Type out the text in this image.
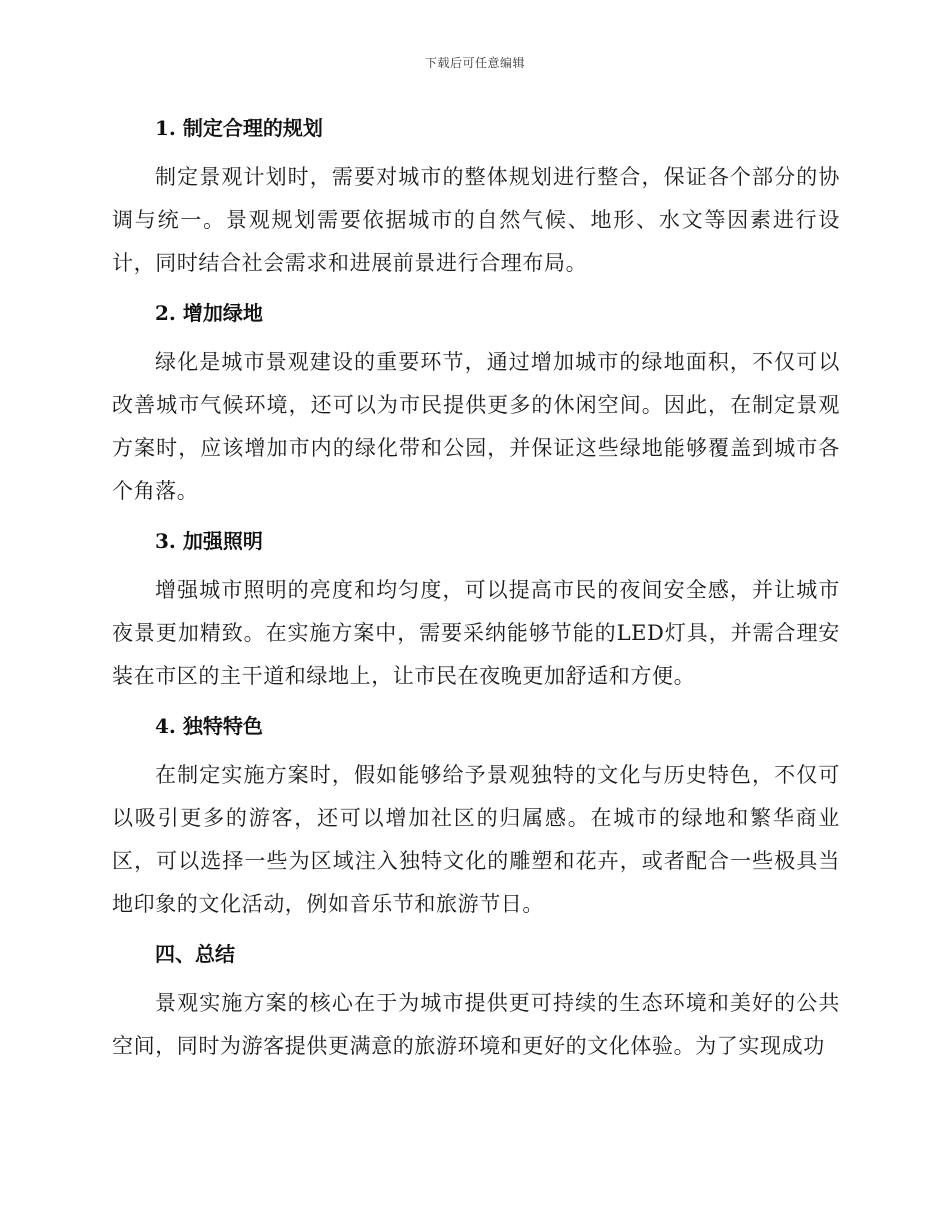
下载后可任意编辑
1. 制定合理的规划

制定景观计划时，需要对城市的整体规划进行整合，保证各个部分的协调与统一。景观规划需要依据城市的自然气候、地形、水文等因素进行设计，同时结合社会需求和进展前景进行合理布局。

2. 增加绿地

绿化是城市景观建设的重要环节，通过增加城市的绿地面积，不仅可以改善城市气候环境，还可以为市民提供更多的休闲空间。因此，在制定景观方案时，应该增加市内的绿化带和公园，并保证这些绿地能够覆盖到城市各个角落。

3. 加强照明

增强城市照明的亮度和均匀度，可以提高市民的夜间安全感，并让城市夜景更加精致。在实施方案中，需要采纳能够节能的LED灯具，并需合理安装在市区的主干道和绿地上，让市民在夜晚更加舒适和方便。

4. 独特特色

在制定实施方案时，假如能够给予景观独特的文化与历史特色，不仅可以吸引更多的游客，还可以增加社区的归属感。在城市的绿地和繁华商业区，可以选择一些为区域注入独特文化的雕塑和花卉，或者配合一些极具当地印象的文化活动，例如音乐节和旅游节日。

四、总结

景观实施方案的核心在于为城市提供更可持续的生态环境和美好的公共空间，同时为游客提供更满意的旅游环境和更好的文化体验。为了实现成功
